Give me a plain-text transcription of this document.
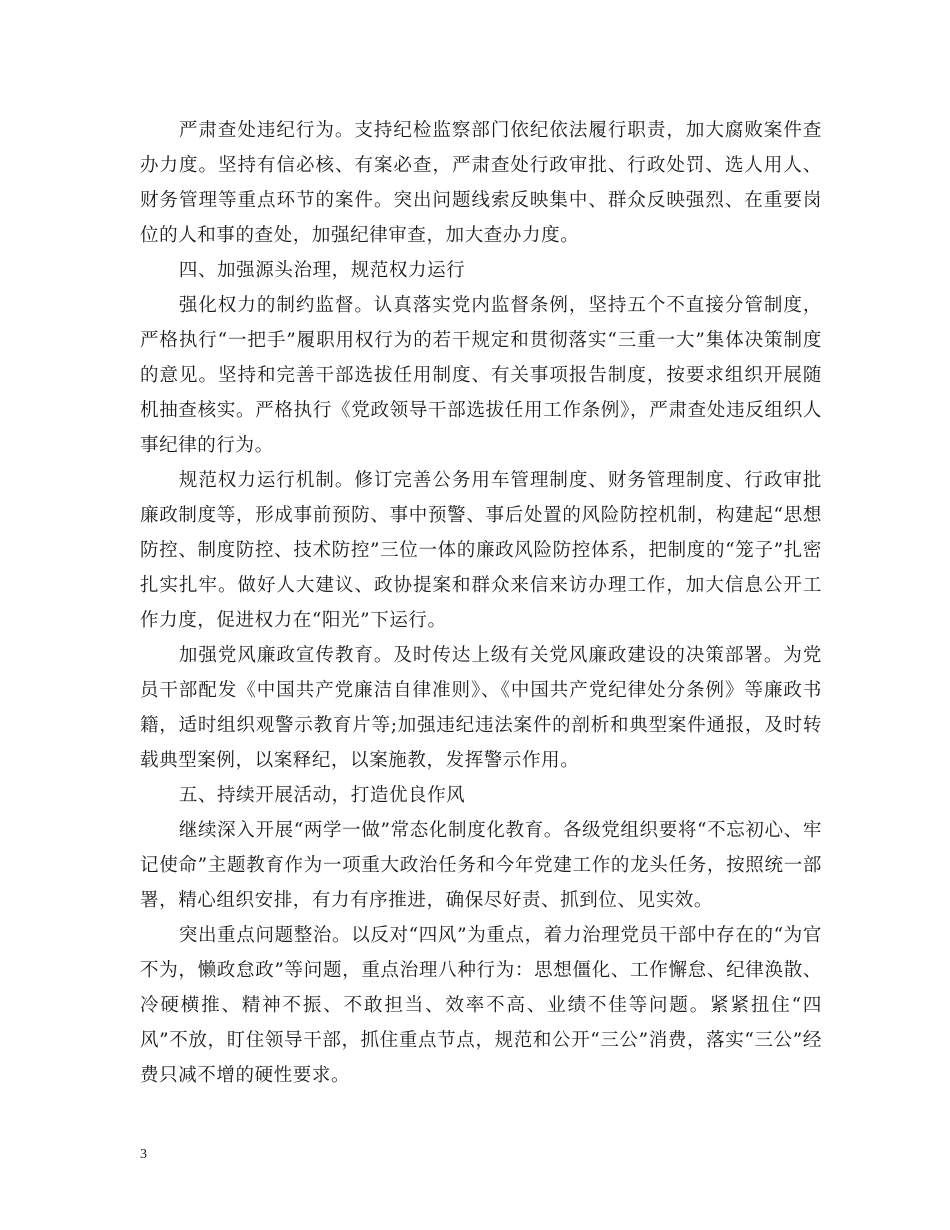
严肃查处违纪行为。支持纪检监察部门依纪依法履行职责，加大腐败案件查办力度。坚持有信必核、有案必查，严肃查处行政审批、行政处罚、选人用人、财务管理等重点环节的案件。突出问题线索反映集中、群众反映强烈、在重要岗位的人和事的查处，加强纪律审查，加大查办力度。

四、加强源头治理，规范权力运行

强化权力的制约监督。认真落实党内监督条例，坚持五个不直接分管制度，严格执行“一把手”履职用权行为的若干规定和贯彻落实“三重一大”集体决策制度的意见。坚持和完善干部选拔任用制度、有关事项报告制度，按要求组织开展随机抽查核实。严格执行《党政领导干部选拔任用工作条例》，严肃查处违反组织人事纪律的行为。

规范权力运行机制。修订完善公务用车管理制度、财务管理制度、行政审批廉政制度等，形成事前预防、事中预警、事后处置的风险防控机制，构建起“思想防控、制度防控、技术防控”三位一体的廉政风险防控体系，把制度的“笼子”扎密扎实扎牢。做好人大建议、政协提案和群众来信来访办理工作，加大信息公开工作力度，促进权力在“阳光”下运行。

加强党风廉政宣传教育。及时传达上级有关党风廉政建设的决策部署。为党员干部配发《中国共产党廉洁自律准则》、《中国共产党纪律处分条例》等廉政书籍，适时组织观警示教育片等;加强违纪违法案件的剖析和典型案件通报，及时转载典型案例，以案释纪，以案施教，发挥警示作用。

五、持续开展活动，打造优良作风

继续深入开展“两学一做”常态化制度化教育。各级党组织要将“不忘初心、牢记使命”主题教育作为一项重大政治任务和今年党建工作的龙头任务，按照统一部署，精心组织安排，有力有序推进，确保尽好责、抓到位、见实效。

突出重点问题整治。以反对“四风”为重点，着力治理党员干部中存在的“为官不为，懒政怠政”等问题，重点治理八种行为：思想僵化、工作懈怠、纪律涣散、冷硬横推、精神不振、不敢担当、效率不高、业绩不佳等问题。紧紧扭住“四风”不放，盯住领导干部，抓住重点节点，规范和公开“三公”消费，落实“三公”经费只减不增的硬性要求。

3
